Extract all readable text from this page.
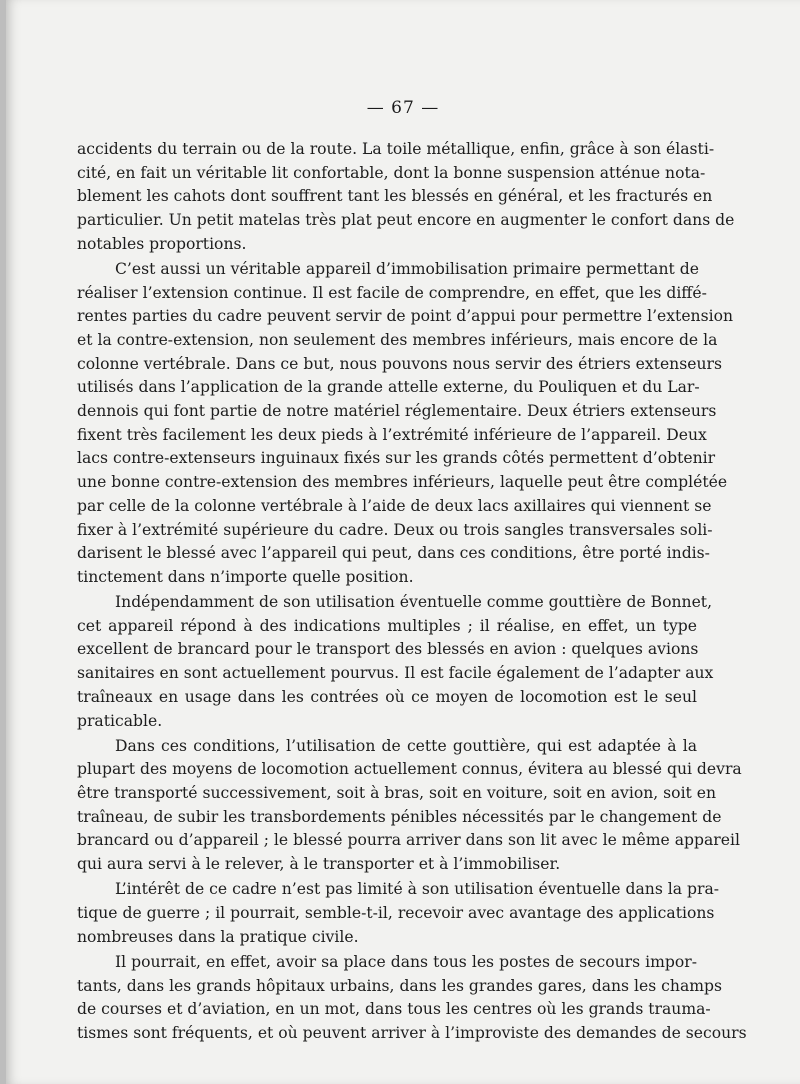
— 67 —
accidents du terrain ou de la route. La toile métallique, enfin, grâce à son élasti-
cité, en fait un véritable lit confortable, dont la bonne suspension atténue nota-
blement les cahots dont souffrent tant les blessés en général, et les fracturés en
particulier. Un petit matelas très plat peut encore en augmenter le confort dans de
notables proportions.
C’est aussi un véritable appareil d’immobilisation primaire permettant de
réaliser l’extension continue. Il est facile de comprendre, en effet, que les diffé-
rentes parties du cadre peuvent servir de point d’appui pour permettre l’extension
et la contre-extension, non seulement des membres inférieurs, mais encore de la
colonne vertébrale. Dans ce but, nous pouvons nous servir des étriers extenseurs
utilisés dans l’application de la grande attelle externe, du Pouliquen et du Lar-
dennois qui font partie de notre matériel réglementaire. Deux étriers extenseurs
fixent très facilement les deux pieds à l’extrémité inférieure de l’appareil. Deux
lacs contre-extenseurs inguinaux fixés sur les grands côtés permettent d’obtenir
une bonne contre-extension des membres inférieurs, laquelle peut être complétée
par celle de la colonne vertébrale à l’aide de deux lacs axillaires qui viennent se
fixer à l’extrémité supérieure du cadre. Deux ou trois sangles transversales soli-
darisent le blessé avec l’appareil qui peut, dans ces conditions, être porté indis-
tinctement dans n’importe quelle position.
Indépendamment de son utilisation éventuelle comme gouttière de Bonnet,
cet appareil répond à des indications multiples ; il réalise, en effet, un type
excellent de brancard pour le transport des blessés en avion : quelques avions
sanitaires en sont actuellement pourvus. Il est facile également de l’adapter aux
traîneaux en usage dans les contrées où ce moyen de locomotion est le seul
praticable.
Dans ces conditions, l’utilisation de cette gouttière, qui est adaptée à la
plupart des moyens de locomotion actuellement connus, évitera au blessé qui devra
être transporté successivement, soit à bras, soit en voiture, soit en avion, soit en
traîneau, de subir les transbordements pénibles nécessités par le changement de
brancard ou d’appareil ; le blessé pourra arriver dans son lit avec le même appareil
qui aura servi à le relever, à le transporter et à l’immobiliser.
L’intérêt de ce cadre n’est pas limité à son utilisation éventuelle dans la pra-
tique de guerre ; il pourrait, semble-t-il, recevoir avec avantage des applications
nombreuses dans la pratique civile.
Il pourrait, en effet, avoir sa place dans tous les postes de secours impor-
tants, dans les grands hôpitaux urbains, dans les grandes gares, dans les champs
de courses et d’aviation, en un mot, dans tous les centres où les grands trauma-
tismes sont fréquents, et où peuvent arriver à l’improviste des demandes de secours
